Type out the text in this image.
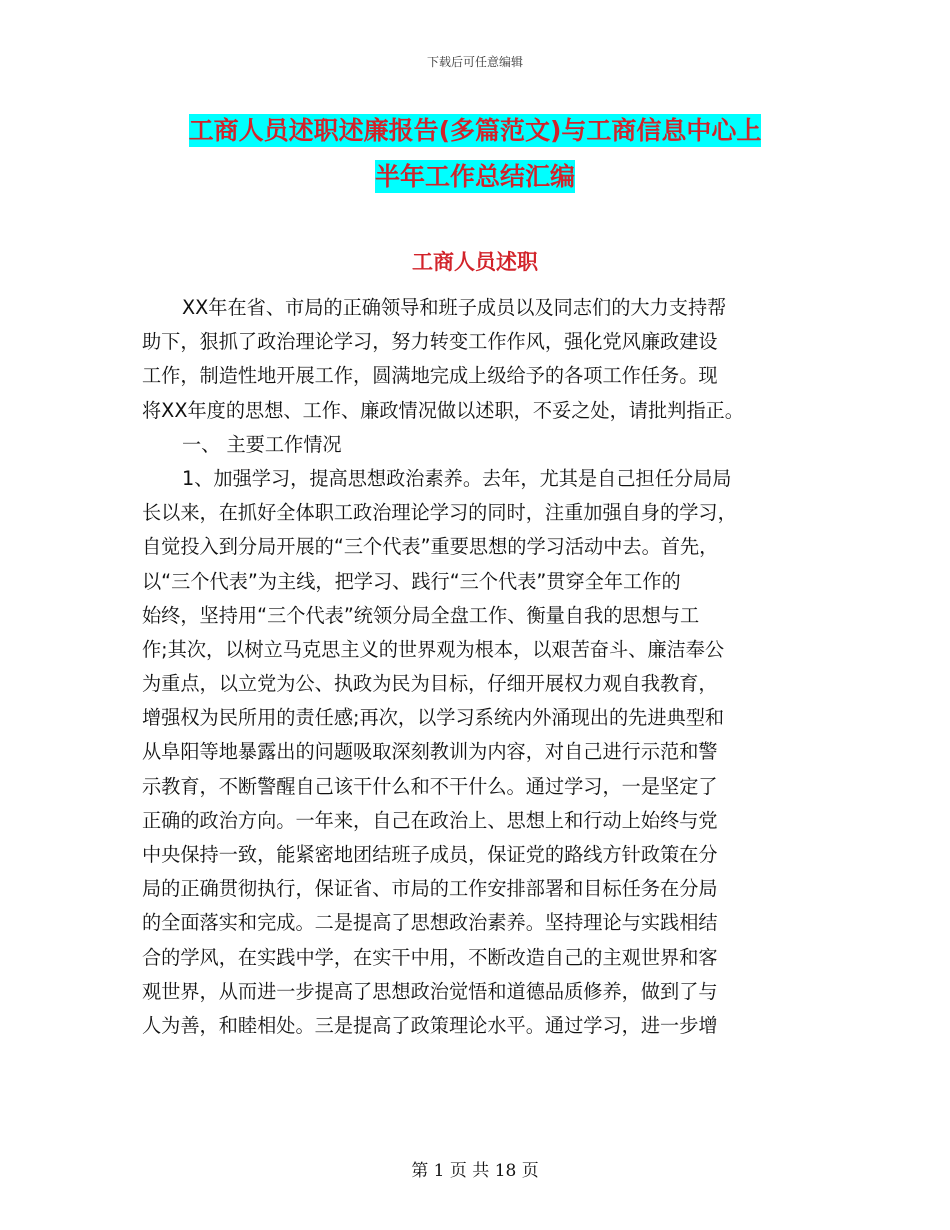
下载后可任意编辑
工商人员述职述廉报告(多篇范文)与工商信息中心上
半年工作总结汇编
工商人员述职
XX年在省、市局的正确领导和班子成员以及同志们的大力支持帮
助下，狠抓了政治理论学习，努力转变工作作风，强化党风廉政建设
工作，制造性地开展工作，圆满地完成上级给予的各项工作任务。现
将XX年度的思想、工作、廉政情况做以述职，不妥之处，请批判指正。
一、 主要工作情况
1、加强学习，提高思想政治素养。去年，尤其是自己担任分局局
长以来，在抓好全体职工政治理论学习的同时，注重加强自身的学习，
自觉投入到分局开展的“三个代表”重要思想的学习活动中去。首先，
以“三个代表”为主线，把学习、践行“三个代表”贯穿全年工作的
始终，坚持用“三个代表”统领分局全盘工作、衡量自我的思想与工
作;其次，以树立马克思主义的世界观为根本，以艰苦奋斗、廉洁奉公
为重点，以立党为公、执政为民为目标，仔细开展权力观自我教育，
增强权为民所用的责任感;再次，以学习系统内外涌现出的先进典型和
从阜阳等地暴露出的问题吸取深刻教训为内容，对自己进行示范和警
示教育，不断警醒自己该干什么和不干什么。通过学习，一是坚定了
正确的政治方向。一年来，自己在政治上、思想上和行动上始终与党
中央保持一致，能紧密地团结班子成员，保证党的路线方针政策在分
局的正确贯彻执行，保证省、市局的工作安排部署和目标任务在分局
的全面落实和完成。二是提高了思想政治素养。坚持理论与实践相结
合的学风，在实践中学，在实干中用，不断改造自己的主观世界和客
观世界，从而进一步提高了思想政治觉悟和道德品质修养，做到了与
人为善，和睦相处。三是提高了政策理论水平。通过学习，进一步增
第 1 页 共 18 页
